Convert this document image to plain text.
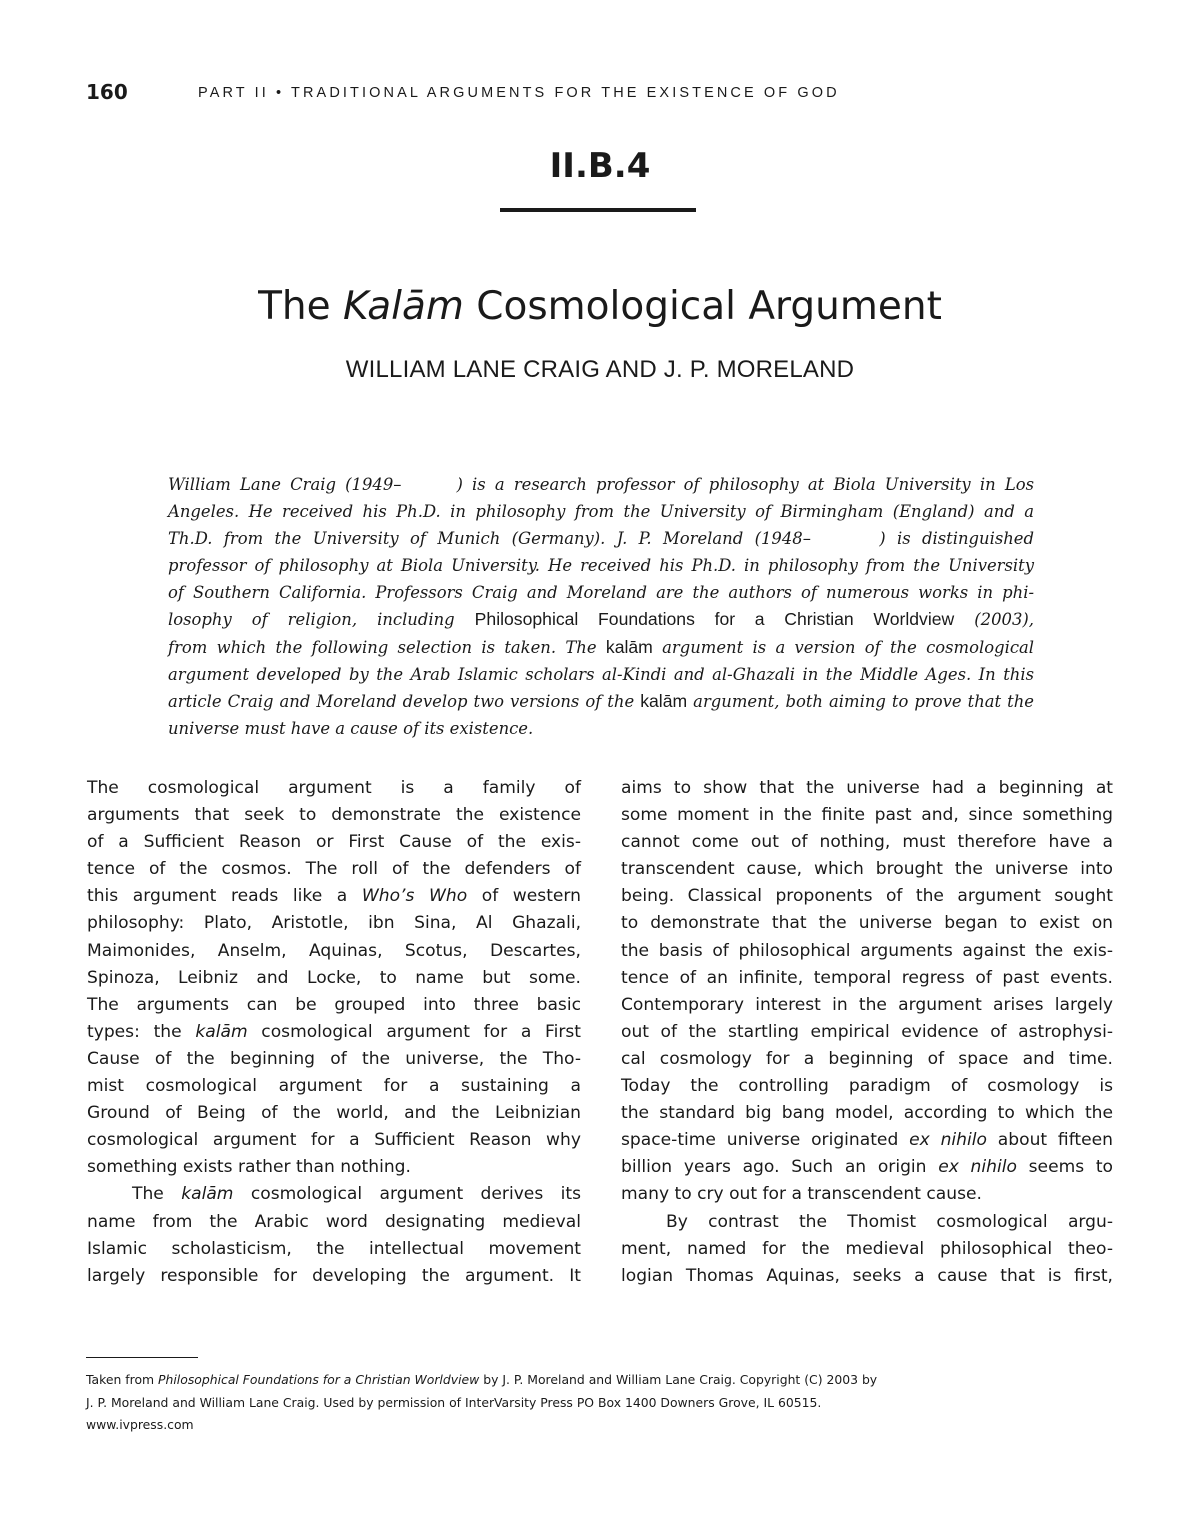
160	PART II • TRADITIONAL ARGUMENTS FOR THE EXISTENCE OF GOD
II.B.4
The Kalām Cosmological Argument
WILLIAM LANE CRAIG AND J. P. MORELAND
William Lane Craig (1949–      ) is a research professor of philosophy at Biola University in Los
Angeles. He received his Ph.D. in philosophy from the University of Birmingham (England) and a
Th.D. from the University of Munich (Germany). J. P. Moreland (1948–      ) is distinguished
professor of philosophy at Biola University. He received his Ph.D. in philosophy from the University
of Southern California. Professors Craig and Moreland are the authors of numerous works in phi-
losophy of religion, including Philosophical Foundations for a Christian Worldview (2003),
from which the following selection is taken. The kalām argument is a version of the cosmological
argument developed by the Arab Islamic scholars al-Kindi and al-Ghazali in the Middle Ages. In this
article Craig and Moreland develop two versions of the kalām argument, both aiming to prove that the
universe must have a cause of its existence.
The cosmological argument is a family of
arguments that seek to demonstrate the existence
of a Sufficient Reason or First Cause of the exis-
tence of the cosmos. The roll of the defenders of
this argument reads like a Who’s Who of western
philosophy: Plato, Aristotle, ibn Sina, Al Ghazali,
Maimonides, Anselm, Aquinas, Scotus, Descartes,
Spinoza, Leibniz and Locke, to name but some.
The arguments can be grouped into three basic
types: the kalām cosmological argument for a First
Cause of the beginning of the universe, the Tho-
mist cosmological argument for a sustaining a
Ground of Being of the world, and the Leibnizian
cosmological argument for a Sufficient Reason why
something exists rather than nothing.
The kalām cosmological argument derives its
name from the Arabic word designating medieval
Islamic scholasticism, the intellectual movement
largely responsible for developing the argument. It
aims to show that the universe had a beginning at
some moment in the finite past and, since something
cannot come out of nothing, must therefore have a
transcendent cause, which brought the universe into
being. Classical proponents of the argument sought
to demonstrate that the universe began to exist on
the basis of philosophical arguments against the exis-
tence of an infinite, temporal regress of past events.
Contemporary interest in the argument arises largely
out of the startling empirical evidence of astrophysi-
cal cosmology for a beginning of space and time.
Today the controlling paradigm of cosmology is
the standard big bang model, according to which the
space-time universe originated ex nihilo about fifteen
billion years ago. Such an origin ex nihilo seems to
many to cry out for a transcendent cause.
By contrast the Thomist cosmological argu-
ment, named for the medieval philosophical theo-
logian Thomas Aquinas, seeks a cause that is first,
Taken from Philosophical Foundations for a Christian Worldview by J. P. Moreland and William Lane Craig. Copyright (C) 2003 by
J. P. Moreland and William Lane Craig. Used by permission of InterVarsity Press PO Box 1400 Downers Grove, IL 60515.
www.ivpress.com
